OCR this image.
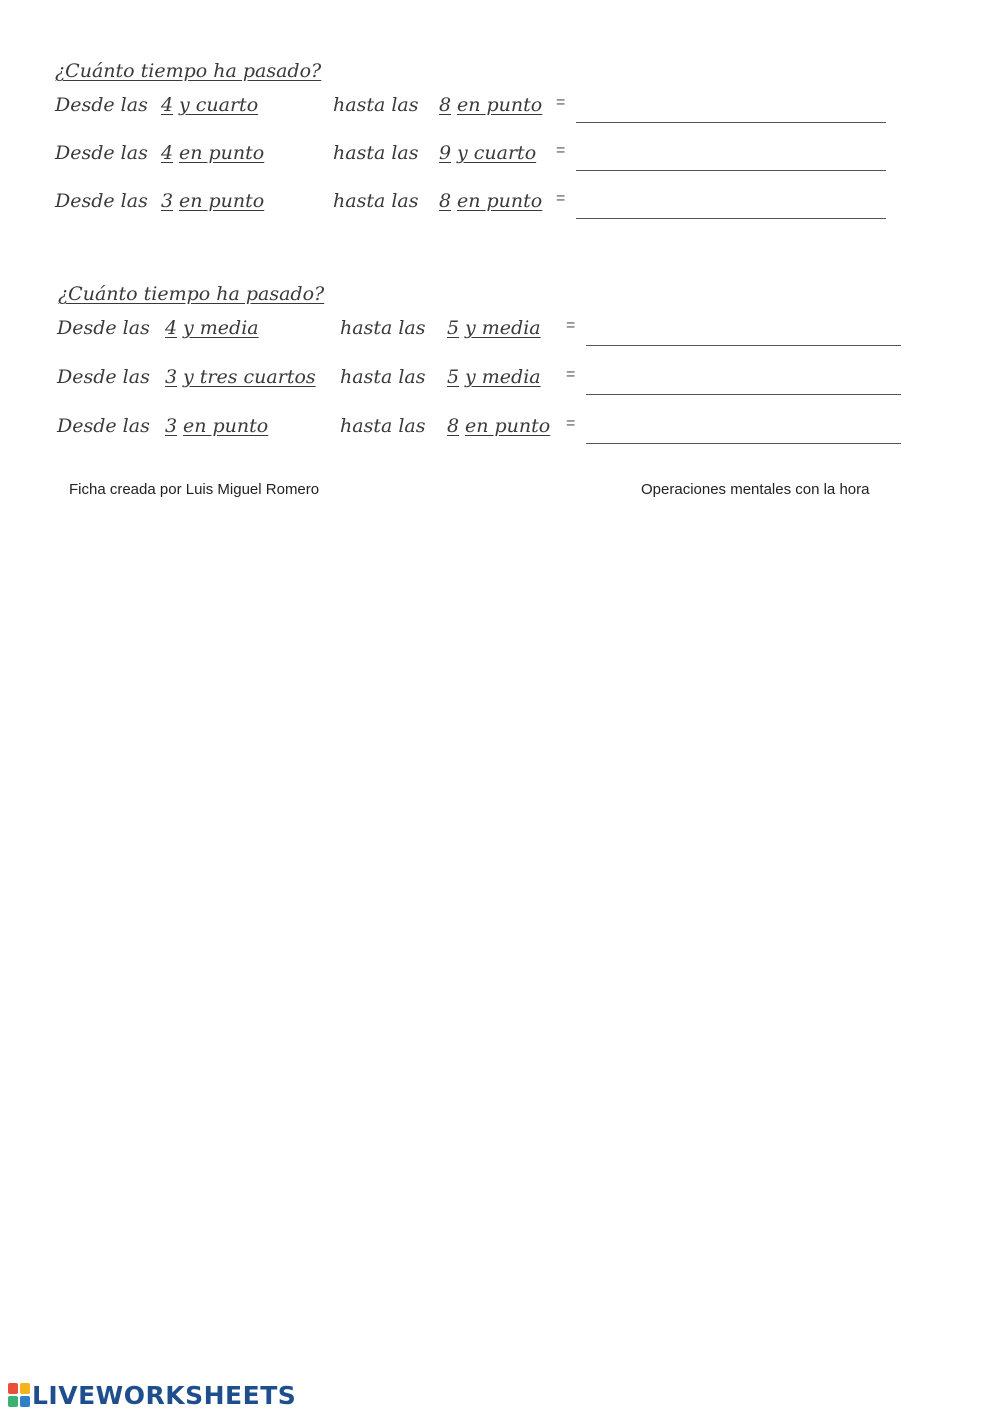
¿Cuánto tiempo ha pasado?
Desde las 4 y cuarto	hasta las 8 en punto =
Desde las 4 en punto	hasta las 9 y cuarto =
Desde las 3 en punto	hasta las 8 en punto =
¿Cuánto tiempo ha pasado?
Desde las 4 y media	hasta las 5 y media =
Desde las 3 y tres cuartos hasta las 5 y media =
Desde las 3 en punto	hasta las 8 en punto =
Ficha creada por Luis Miguel Romero	Operaciones mentales con la hora
LIVEWORKSHEETS
